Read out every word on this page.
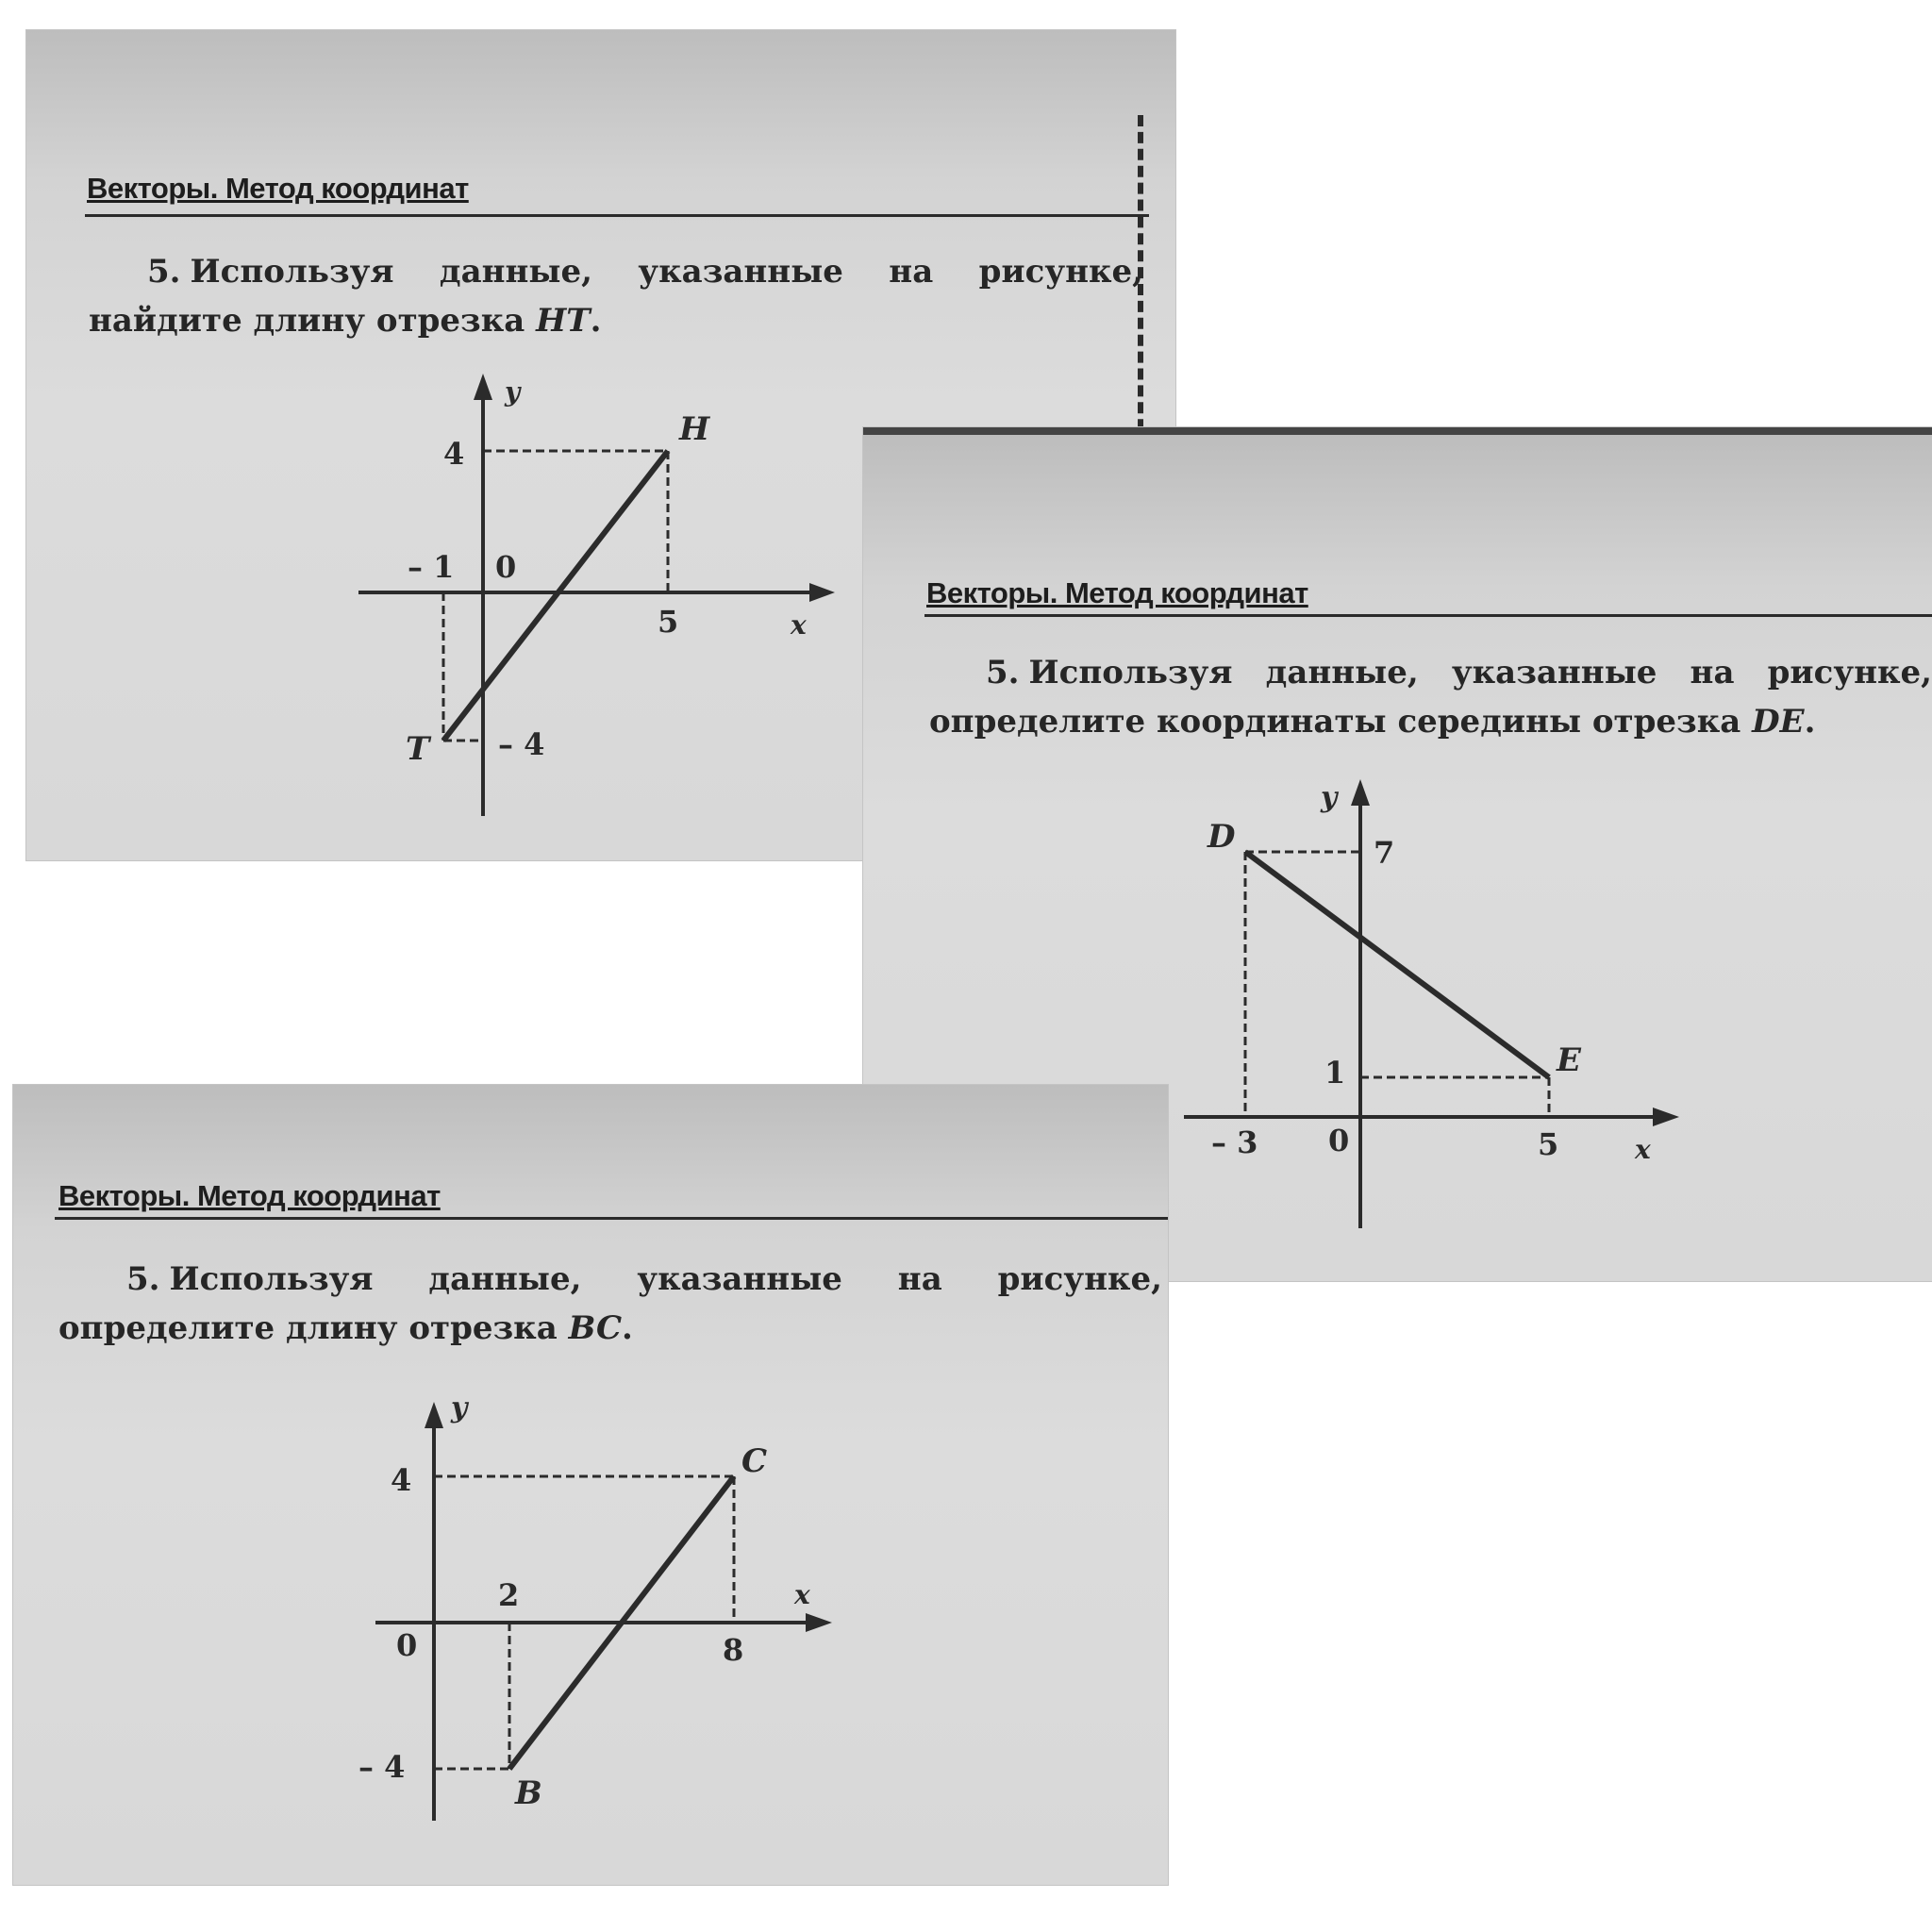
Векторы. Метод координат
5. Используя данные, указанные на рисунке, найдите длину отрезка HT.
y
x
0
4
– 1
5
– 4
H
T
Векторы. Метод координат
5. Используя данные, указанные на рисунке, определите координаты середины отрезка DE.
y
x
0
7
1
– 3	5
D
E
Векторы. Метод координат
5. Используя данные, указанные на рисунке, определите длину отрезка BC.
y
x
0
4
2
8
– 4
B
C
